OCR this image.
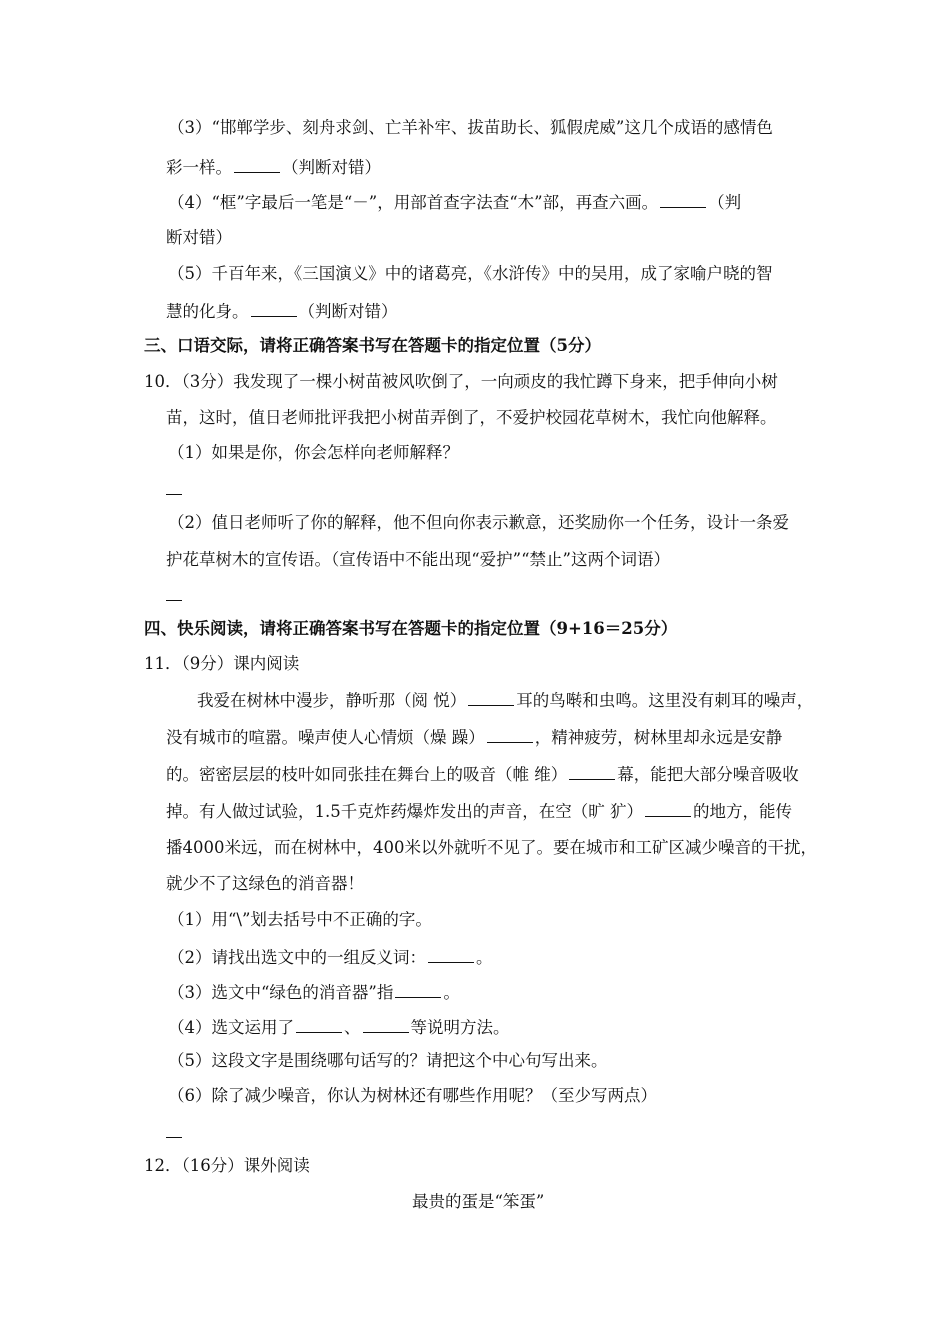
（3）“邯郸学步、刻舟求剑、亡羊补牢、拔苗助长、狐假虎威”这几个成语的感情色
彩一样。	（判断对错）
（4）“框”字最后一笔是“－”，用部首查字法查“木”部，再查六画。	（判
断对错）
（5）千百年来，《三国演义》中的诸葛亮，《水浒传》中的吴用，成了家喻户晓的智
慧的化身。	（判断对错）
三、口语交际，请将正确答案书写在答题卡的指定位置（5分）
10．（3分）我发现了一棵小树苗被风吹倒了，一向顽皮的我忙蹲下身来，把手伸向小树
苗，这时，值日老师批评我把小树苗弄倒了，不爱护校园花草树木，我忙向他解释。
（1）如果是你，你会怎样向老师解释？
（2）值日老师听了你的解释，他不但向你表示歉意，还奖励你一个任务，设计一条爱
护花草树木的宣传语。（宣传语中不能出现“爱护”“禁止”这两个词语）
四、快乐阅读，请将正确答案书写在答题卡的指定位置（9+16＝25分）
11．（9分）课内阅读
我爱在树林中漫步，静听那（阅 悦）	耳的鸟啭和虫鸣。这里没有刺耳的噪声，
没有城市的喧嚣。噪声使人心情烦（燥 躁）	，精神疲劳，树林里却永远是安静
的。密密层层的枝叶如同张挂在舞台上的吸音（帷 维）	幕，能把大部分噪音吸收
掉。有人做过试验，1.5千克炸药爆炸发出的声音，在空（旷 犷）	的地方，能传
播4000米远，而在树林中，400米以外就听不见了。要在城市和工矿区减少噪音的干扰，
就少不了这绿色的消音器！
（1）用“\”划去括号中不正确的字。
（2）请找出选文中的一组反义词：	。
（3）选文中“绿色的消音器”指	。
（4）选文运用了	、	等说明方法。
（5）这段文字是围绕哪句话写的？请把这个中心句写出来。
（6）除了减少噪音，你认为树林还有哪些作用呢？（至少写两点）
12．（16分）课外阅读
最贵的蛋是“笨蛋”
